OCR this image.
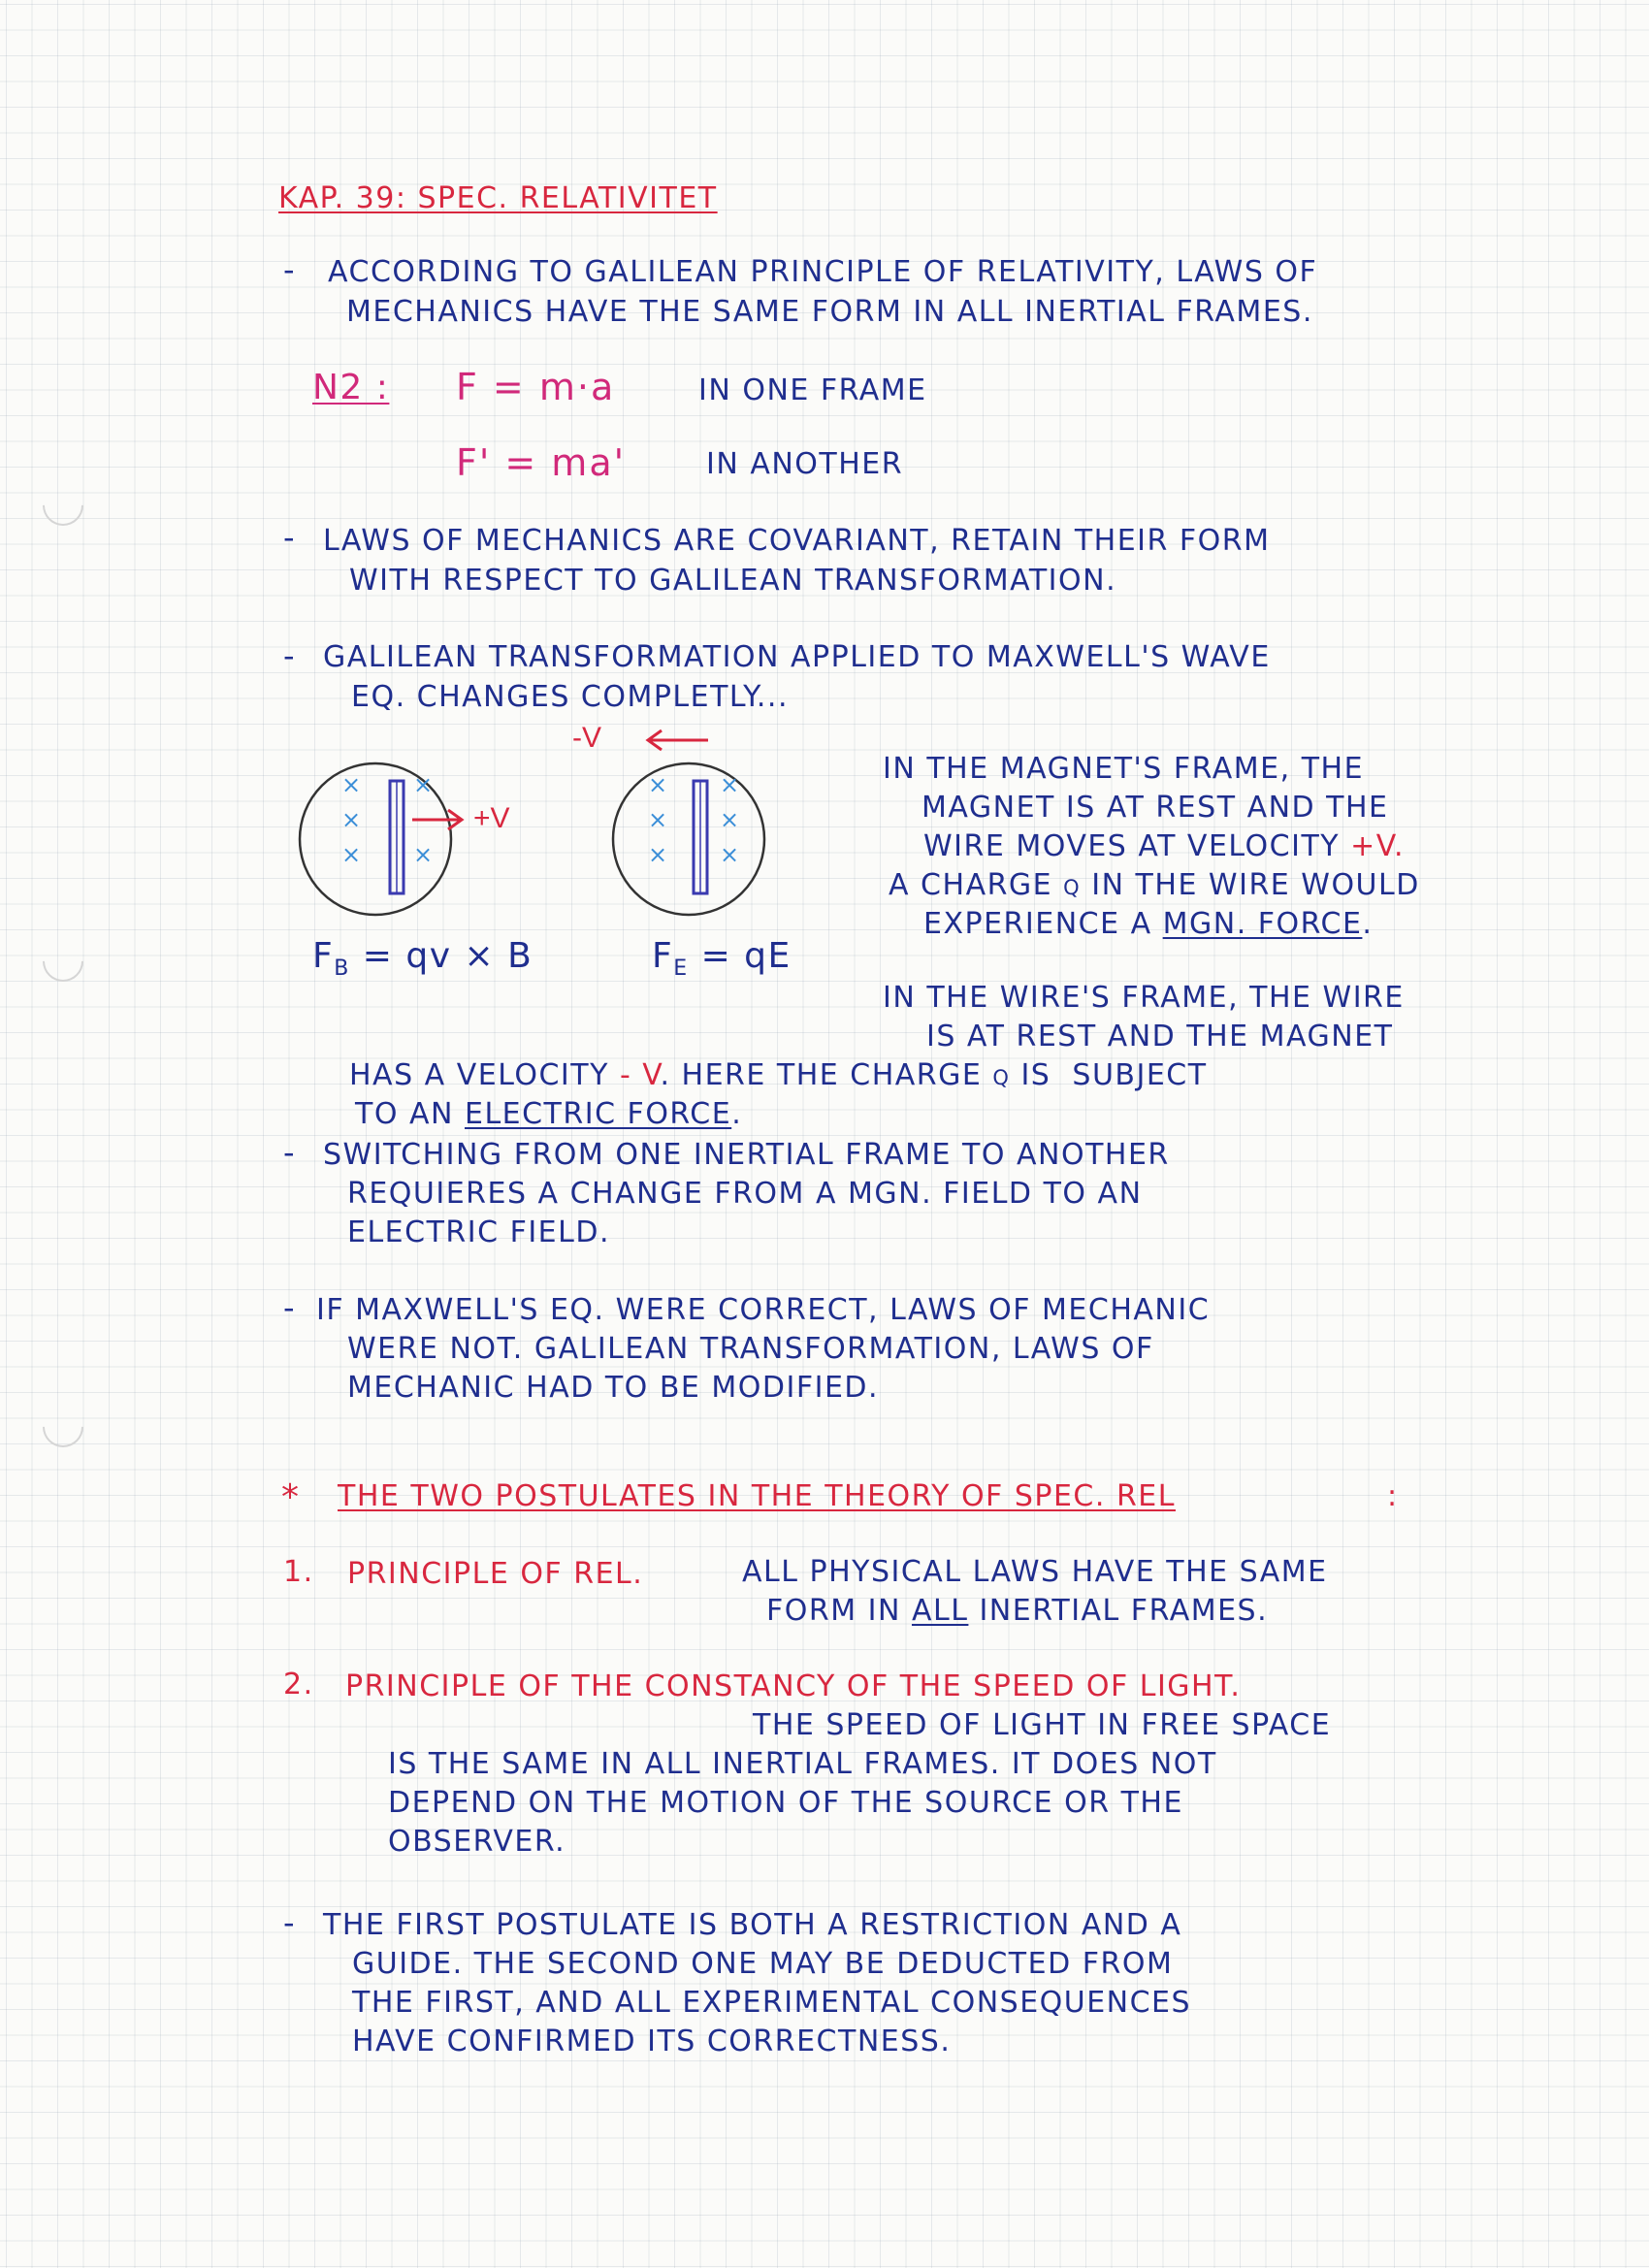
KAP. 39: SPEC. RELATIVITET
- ACCORDING TO GALILEAN PRINCIPLE OF RELATIVITY, LAWS OF
MECHANICS HAVE THE SAME FORM IN ALL INERTIAL FRAMES.
N2 : F = m·a	IN ONE FRAME
F' = ma'	IN ANOTHER
- LAWS OF MECHANICS ARE COVARIANT, RETAIN THEIR FORM
WITH RESPECT TO GALILEAN TRANSFORMATION.
- GALILEAN TRANSFORMATION APPLIED TO MAXWELL'S WAVE
EQ. CHANGES COMPLETLY...
-V
×
×
×
×
×
+V
×
×
×
×
×
×
$F_B$ = qv × B	$F_E$ = qE
IN THE MAGNET'S FRAME, THE
MAGNET IS AT REST AND THE
WIRE MOVES AT VELOCITY +V.
A CHARGE q IN THE WIRE WOULD
EXPERIENCE A MGN. FORCE.
IN THE WIRE'S FRAME, THE WIRE
IS AT REST AND THE MAGNET
HAS A VELOCITY - V. HERE THE CHARGE q IS  SUBJECT
TO AN ELECTRIC FORCE.
- SWITCHING FROM ONE INERTIAL FRAME TO ANOTHER
REQUIERES A CHANGE FROM A MGN. FIELD TO AN
ELECTRIC FIELD.
- IF MAXWELL'S EQ. WERE CORRECT, LAWS OF MECHANIC
WERE NOT. GALILEAN TRANSFORMATION, LAWS OF
MECHANIC HAD TO BE MODIFIED.
* THE TWO POSTULATES IN THE THEORY OF SPEC. REL	:
1. PRINCIPLE OF REL.	ALL PHYSICAL LAWS HAVE THE SAME
FORM IN ALL INERTIAL FRAMES.
2. PRINCIPLE OF THE CONSTANCY OF THE SPEED OF LIGHT.
THE SPEED OF LIGHT IN FREE SPACE
IS THE SAME IN ALL INERTIAL FRAMES. IT DOES NOT
DEPEND ON THE MOTION OF THE SOURCE OR THE
OBSERVER.
- THE FIRST POSTULATE IS BOTH A RESTRICTION AND A
GUIDE. THE SECOND ONE MAY BE DEDUCTED FROM
THE FIRST, AND ALL EXPERIMENTAL CONSEQUENCES
HAVE CONFIRMED ITS CORRECTNESS.
